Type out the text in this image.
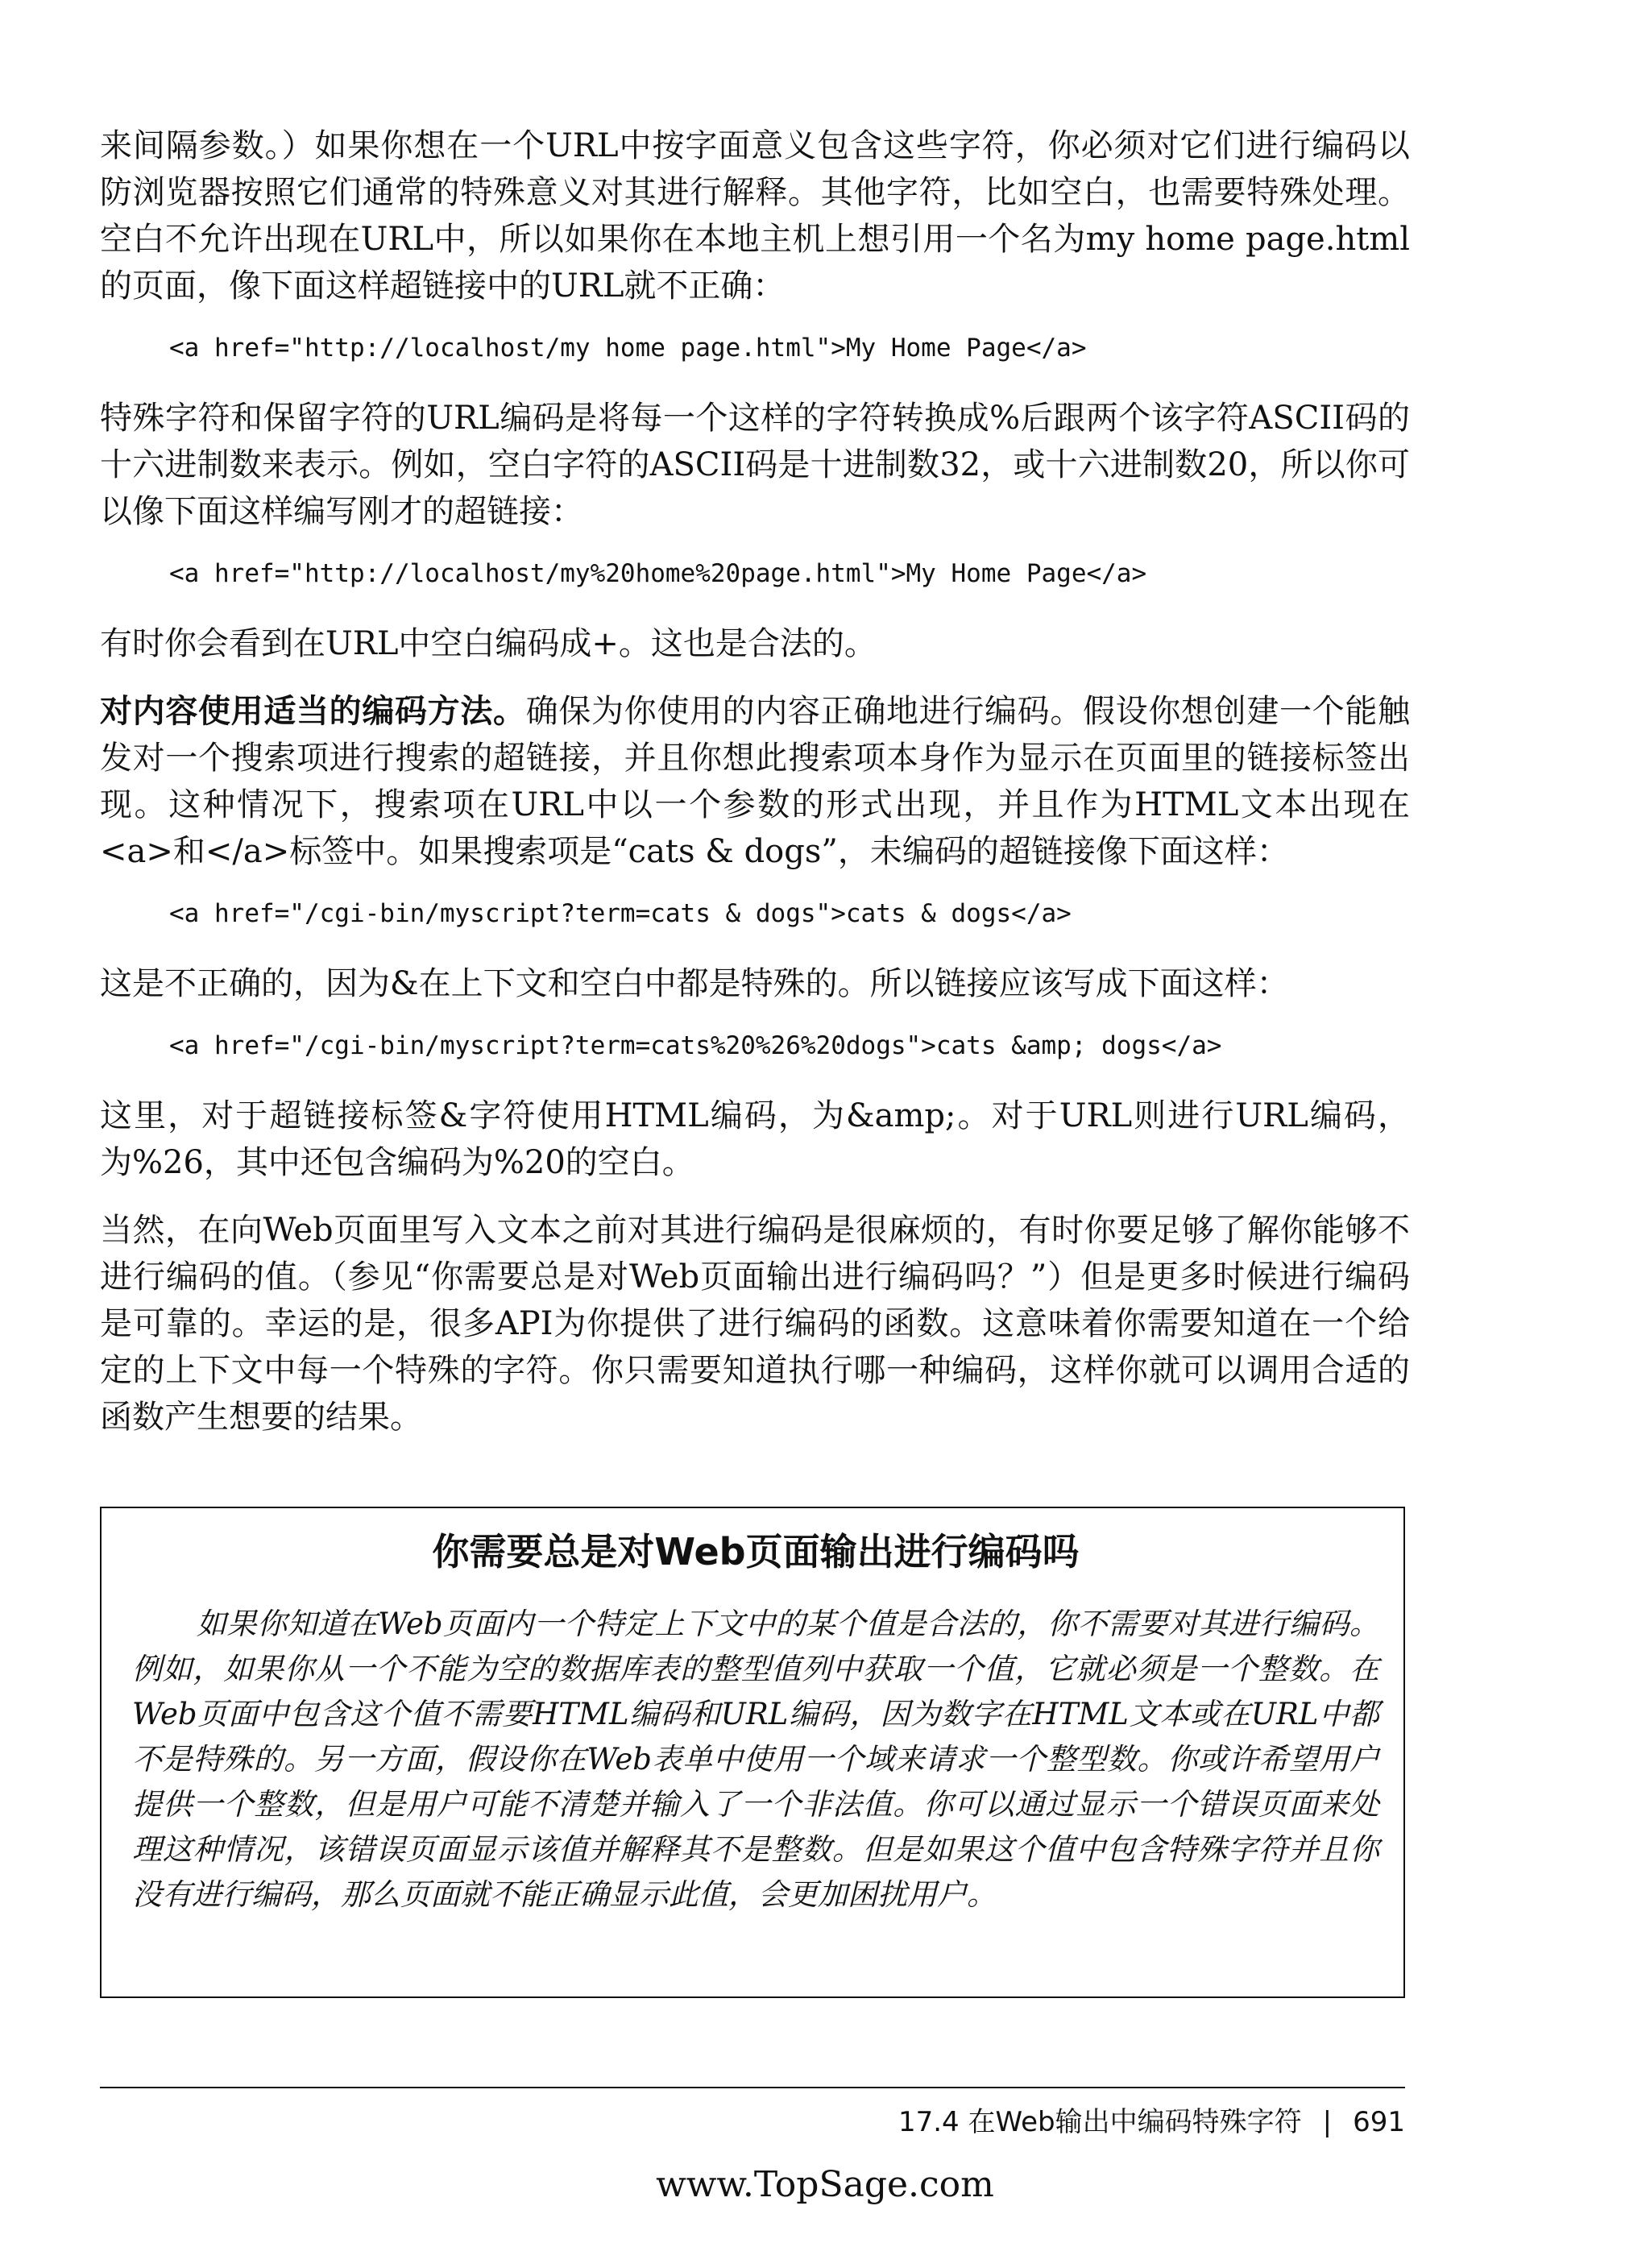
来间隔参数。）如果你想在一个URL中按字面意义包含这些字符，你必须对它们进行编码以防浏览器按照它们通常的特殊意义对其进行解释。其他字符，比如空白，也需要特殊处理。空白不允许出现在URL中，所以如果你在本地主机上想引用一个名为my home page.html的页面，像下面这样超链接中的URL就不正确：

<a href="http://localhost/my home page.html">My Home Page</a>

特殊字符和保留字符的URL编码是将每一个这样的字符转换成%后跟两个该字符ASCII码的十六进制数来表示。例如，空白字符的ASCII码是十进制数32，或十六进制数20，所以你可以像下面这样编写刚才的超链接：

<a href="http://localhost/my%20home%20page.html">My Home Page</a>

有时你会看到在URL中空白编码成+。这也是合法的。

对内容使用适当的编码方法。确保为你使用的内容正确地进行编码。假设你想创建一个能触发对一个搜索项进行搜索的超链接，并且你想此搜索项本身作为显示在页面里的链接标签出现。这种情况下，搜索项在URL中以一个参数的形式出现，并且作为HTML文本出现在<a>和</a>标签中。如果搜索项是“cats & dogs”，未编码的超链接像下面这样：

<a href="/cgi-bin/myscript?term=cats & dogs">cats & dogs</a>

这是不正确的，因为&在上下文和空白中都是特殊的。所以链接应该写成下面这样：

<a href="/cgi-bin/myscript?term=cats%20%26%20dogs">cats &amp; dogs</a>

这里，对于超链接标签&字符使用HTML编码，为&amp;。对于URL则进行URL编码，为%26，其中还包含编码为%20的空白。

当然，在向Web页面里写入文本之前对其进行编码是很麻烦的，有时你要足够了解你能够不进行编码的值。（参见“你需要总是对Web页面输出进行编码吗？”）但是更多时候进行编码是可靠的。幸运的是，很多API为你提供了进行编码的函数。这意味着你需要知道在一个给定的上下文中每一个特殊的字符。你只需要知道执行哪一种编码，这样你就可以调用合适的函数产生想要的结果。

你需要总是对Web页面输出进行编码吗

如果你知道在Web页面内一个特定上下文中的某个值是合法的，你不需要对其进行编码。例如，如果你从一个不能为空的数据库表的整型值列中获取一个值，它就必须是一个整数。在Web页面中包含这个值不需要HTML编码和URL编码，因为数字在HTML文本或在URL中都不是特殊的。另一方面，假设你在Web表单中使用一个域来请求一个整型数。你或许希望用户提供一个整数，但是用户可能不清楚并输入了一个非法值。你可以通过显示一个错误页面来处理这种情况，该错误页面显示该值并解释其不是整数。但是如果这个值中包含特殊字符并且你没有进行编码，那么页面就不能正确显示此值，会更加困扰用户。

17.4 在Web输出中编码特殊字符 | 691
www.TopSage.com
